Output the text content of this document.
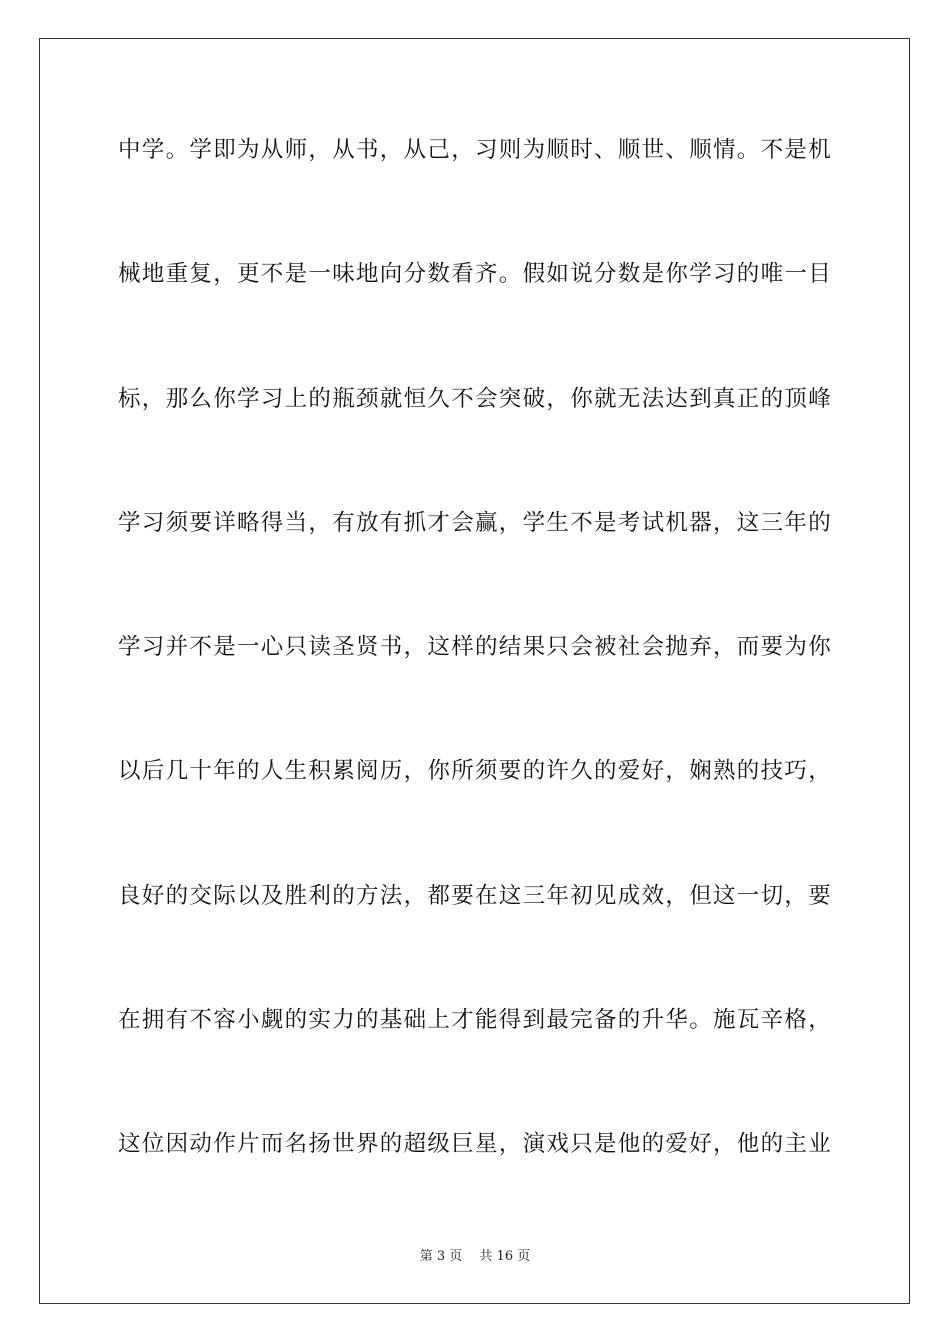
中学。学即为从师，从书，从己，习则为顺时、顺世、顺情。不是机
械地重复，更不是一味地向分数看齐。假如说分数是你学习的唯一目
标，那么你学习上的瓶颈就恒久不会突破，你就无法达到真正的顶峰
学习须要详略得当，有放有抓才会赢，学生不是考试机器，这三年的
学习并不是一心只读圣贤书，这样的结果只会被社会抛弃，而要为你
以后几十年的人生积累阅历，你所须要的许久的爱好，娴熟的技巧，
良好的交际以及胜利的方法，都要在这三年初见成效，但这一切，要
在拥有不容小觑的实力的基础上才能得到最完备的升华。施瓦辛格，
这位因动作片而名扬世界的超级巨星，演戏只是他的爱好，他的主业
第 3 页　 共 16 页
